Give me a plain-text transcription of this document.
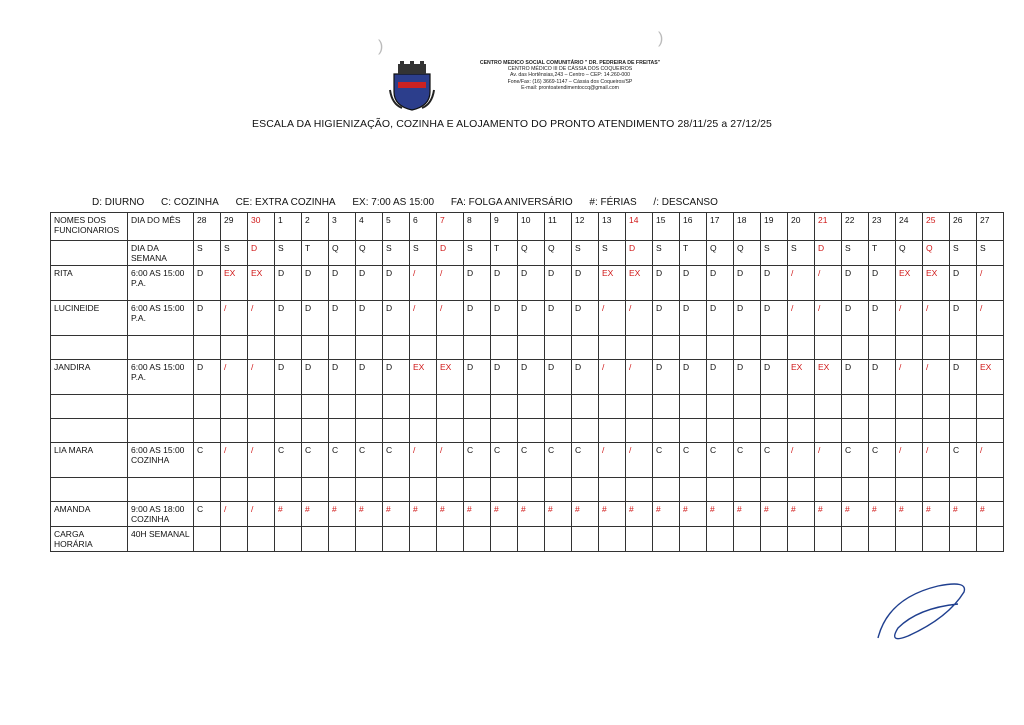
CENTRO MEDICO SOCIAL COMUNITÁRIO " DR. PEDREIRA DE FREITAS"
CENTRO MÉDICO III DE CÁSSIA DOS COQUEIROS
Av. das Hortênsias,243 – Centro – CEP: 14.260-000
Fone/Fax: (16) 3669-1147 – Cássia dos Coqueiros/SP
E-mail: prontoatendimentoccq@gmail.com
)	)
ESCALA DA HIGIENIZAÇÃO, COZINHA E ALOJAMENTO DO PRONTO ATENDIMENTO 28/11/25 a 27/12/25
D: DIURNO C: COZINHA CE: EXTRA COZINHA EX: 7:00 AS 15:00 FA: FOLGA ANIVERSÁRIO #: FÉRIAS /: DESCANSO
NOMES DOS FUNCIONARIOS	DIA DO MÊS	28	29	30	1	2	3	4	5	6	7	8	9	10	11	12	13	14	15	16	17	18	19	20	21	22	23	24	25	26	27
	DIA DA SEMANA	S	S	D	S	T	Q	Q	S	S	D	S	T	Q	Q	S	S	D	S	T	Q	Q	S	S	D	S	T	Q	Q	S	S
RITA	6:00 AS 15:00 P.A.	D	EX	EX	D	D	D	D	D	/	/	D	D	D	D	D	EX	EX	D	D	D	D	D	/	/	D	D	EX	EX	D	/
LUCINEIDE	6:00 AS 15:00 P.A.	D	/	/	D	D	D	D	D	/	/	D	D	D	D	D	/	/	D	D	D	D	D	/	/	D	D	/	/	D	/

JANDIRA	6:00 AS 15:00 P.A.	D	/	/	D	D	D	D	D	EX	EX	D	D	D	D	D	/	/	D	D	D	D	D	EX	EX	D	D	/	/	D	EX

LIA MARA	6:00 AS 15:00 COZINHA	C	/	/	C	C	C	C	C	/	/	C	C	C	C	C	/	/	C	C	C	C	C	/	/	C	C	/	/	C	/

AMANDA	9:00 AS 18:00 COZINHA	C	/	/	#	#	#	#	#	#	#	#	#	#	#	#	#	#	#	#	#	#	#	#	#	#	#	#	#	#	#
CARGA HORÁRIA	40H SEMANAL																														
